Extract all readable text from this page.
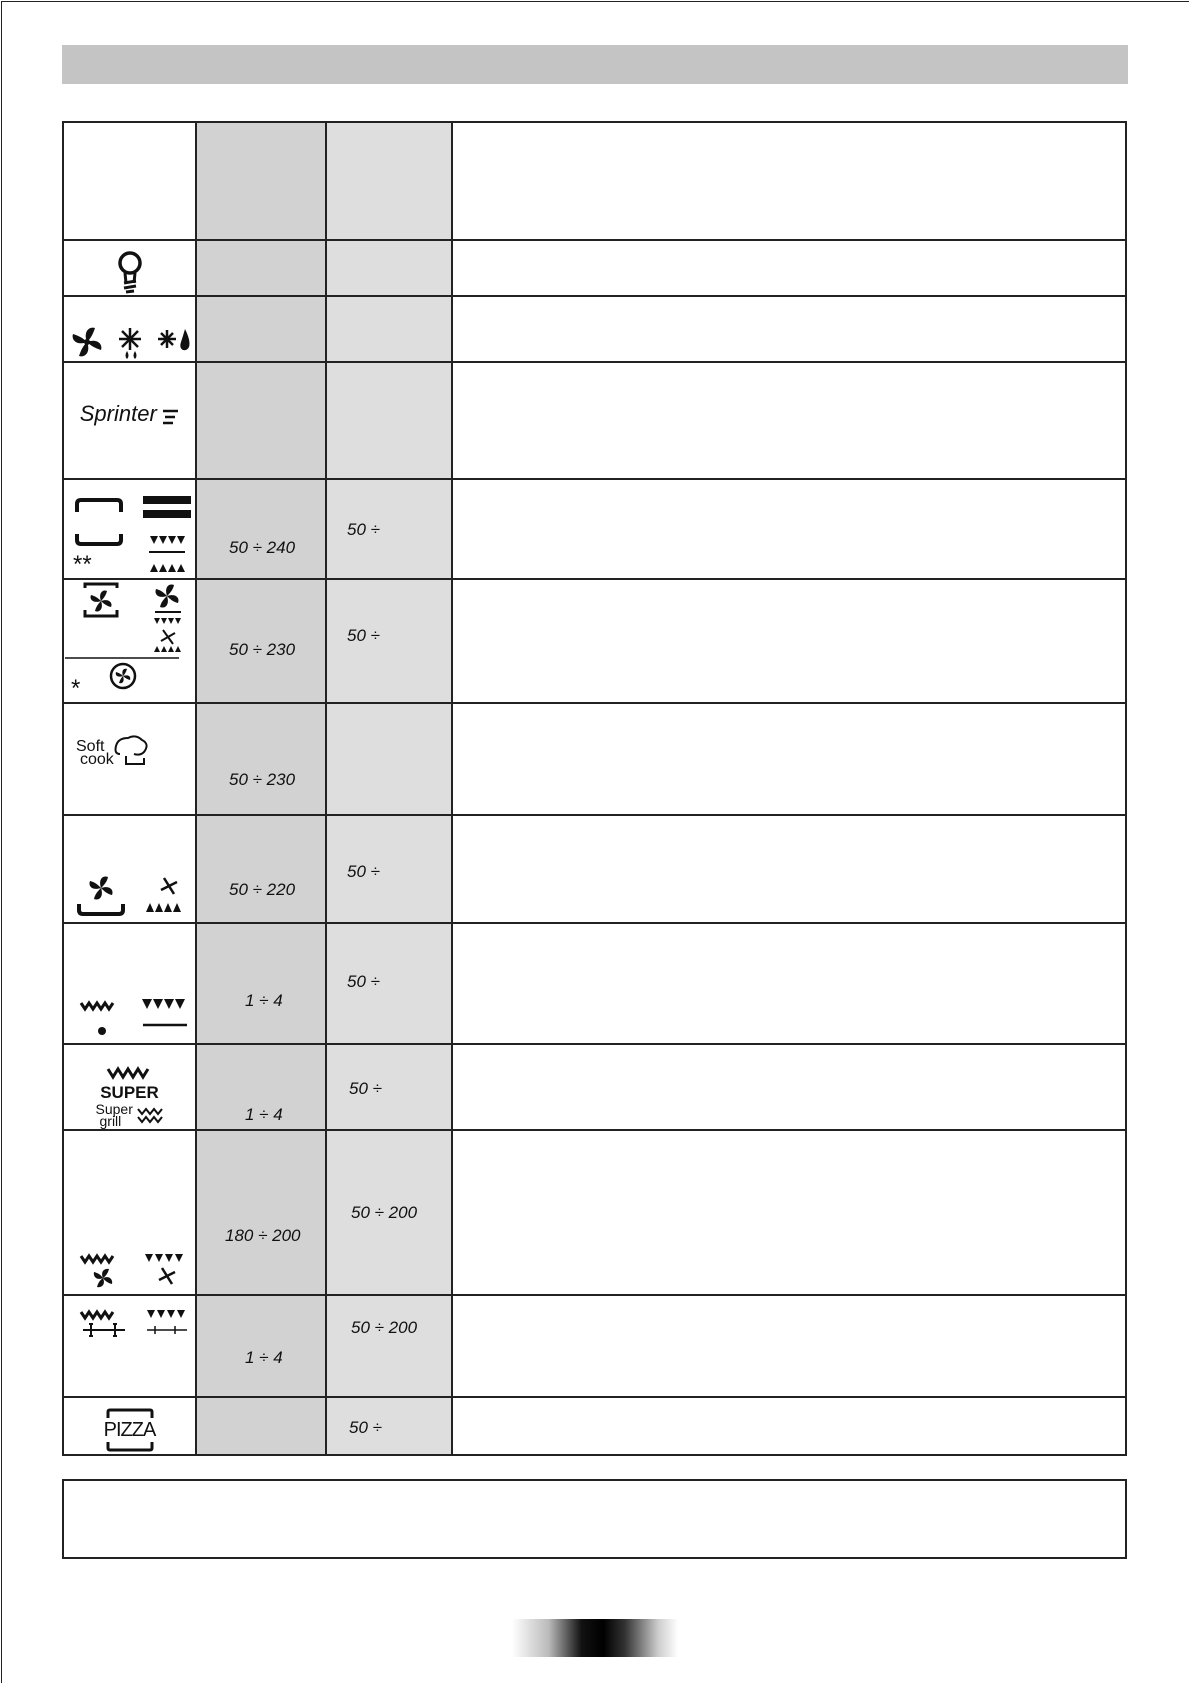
Sprinter			

**	50 ÷ 240	50 ÷	

*	50 ÷ 230	50 ÷	

Soft
cook	50 ÷ 230		

50 ÷ 220	50 ÷	

1 ÷ 4	50 ÷	

SUPER
Super
grill	1 ÷ 4	50 ÷	

180 ÷ 200	50 ÷ 200	

1 ÷ 4	50 ÷ 200	

PIZZA		50 ÷	
